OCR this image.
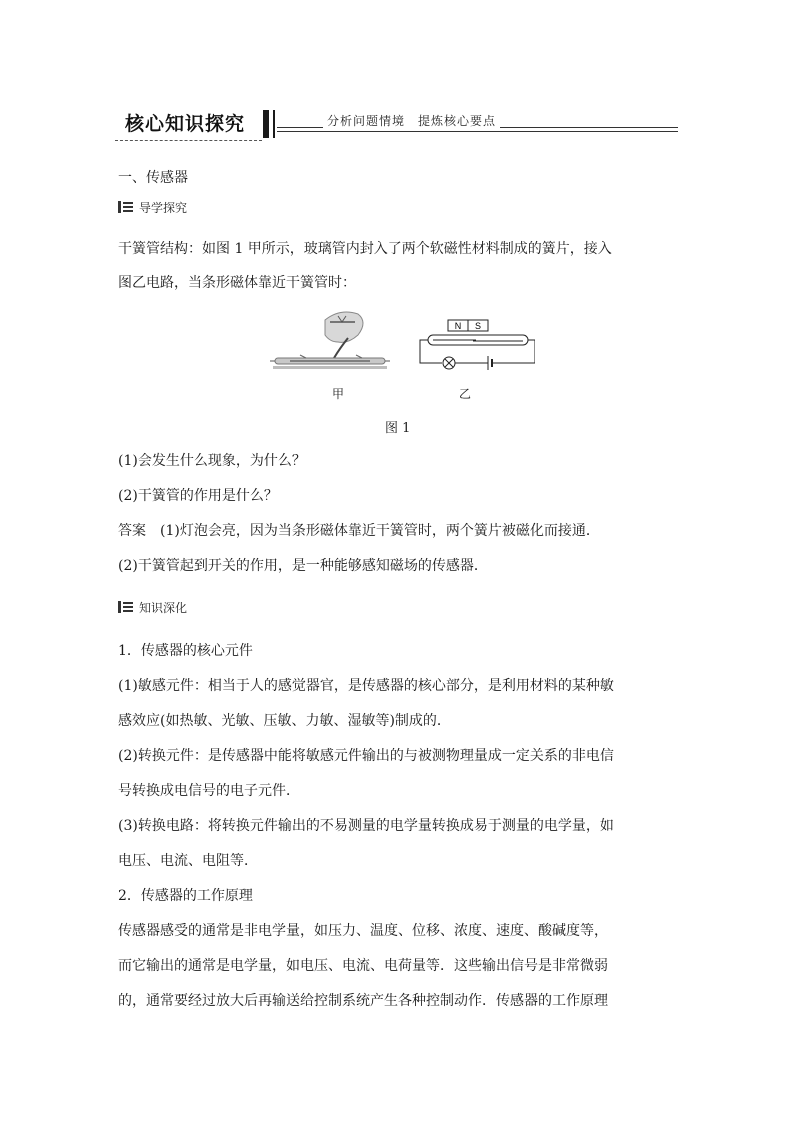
核心知识探究	分析问题情境　提炼核心要点
一、传感器
导学探究
干簧管结构：如图 1 甲所示，玻璃管内封入了两个软磁性材料制成的簧片，接入
图乙电路，当条形磁体靠近干簧管时：
N S
甲	乙
图 1
(1)会发生什么现象，为什么？
(2)干簧管的作用是什么？
答案　(1)灯泡会亮，因为当条形磁体靠近干簧管时，两个簧片被磁化而接通．
(2)干簧管起到开关的作用，是一种能够感知磁场的传感器．
知识深化
1．传感器的核心元件
(1)敏感元件：相当于人的感觉器官，是传感器的核心部分，是利用材料的某种敏
感效应(如热敏、光敏、压敏、力敏、湿敏等)制成的．
(2)转换元件：是传感器中能将敏感元件输出的与被测物理量成一定关系的非电信
号转换成电信号的电子元件．
(3)转换电路：将转换元件输出的不易测量的电学量转换成易于测量的电学量，如
电压、电流、电阻等．
2．传感器的工作原理
传感器感受的通常是非电学量，如压力、温度、位移、浓度、速度、酸碱度等，
而它输出的通常是电学量，如电压、电流、电荷量等．这些输出信号是非常微弱
的，通常要经过放大后再输送给控制系统产生各种控制动作．传感器的工作原理
